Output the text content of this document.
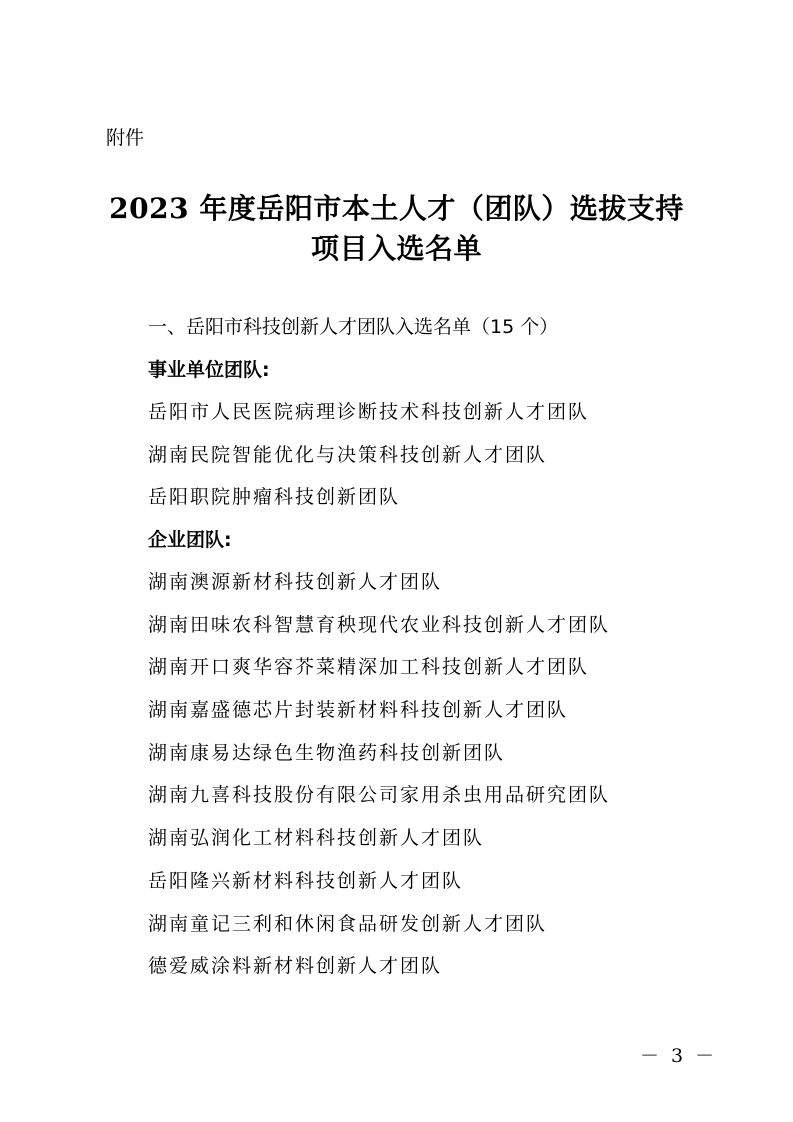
附件
2023 年度岳阳市本土人才（团队）选拔支持
项目入选名单
一、岳阳市科技创新人才团队入选名单（15 个）
事业单位团队:
岳阳市人民医院病理诊断技术科技创新人才团队
湖南民院智能优化与决策科技创新人才团队
岳阳职院肿瘤科技创新团队
企业团队:
湖南澳源新材科技创新人才团队
湖南田味农科智慧育秧现代农业科技创新人才团队
湖南开口爽华容芥菜精深加工科技创新人才团队
湖南嘉盛德芯片封装新材料科技创新人才团队
湖南康易达绿色生物渔药科技创新团队
湖南九喜科技股份有限公司家用杀虫用品研究团队
湖南弘润化工材料科技创新人才团队
岳阳隆兴新材料科技创新人才团队
湖南童记三利和休闲食品研发创新人才团队
德爱威涂料新材料创新人才团队
－ 3 －
